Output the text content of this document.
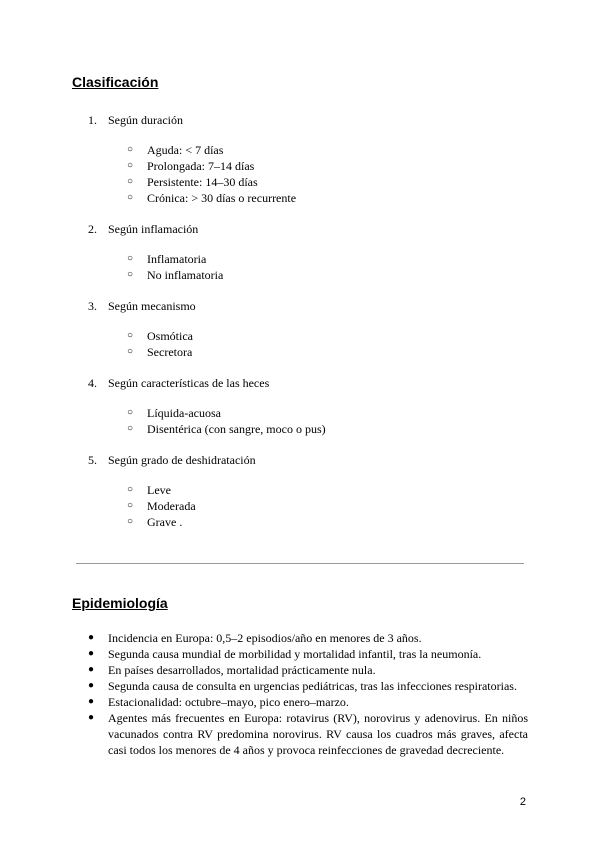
Clasificación
1. Según duración
○	Aguda: < 7 días
○	Prolongada: 7–14 días
○	Persistente: 14–30 días
○	Crónica: > 30 días o recurrente
2. Según inflamación
○	Inflamatoria
○	No inflamatoria
3. Según mecanismo
○	Osmótica
○	Secretora
4. Según características de las heces
○	Líquida-acuosa
○	Disentérica (con sangre, moco o pus)
5. Según grado de deshidratación
○	Leve
○	Moderada
○	Grave .
Epidemiología
●	Incidencia en Europa: 0,5–2 episodios/año en menores de 3 años.
●	Segunda causa mundial de morbilidad y mortalidad infantil, tras la neumonía.
●	En países desarrollados, mortalidad prácticamente nula.
●	Segunda causa de consulta en urgencias pediátricas, tras las infecciones respiratorias.
●	Estacionalidad: octubre–mayo, pico enero–marzo.
●	Agentes más frecuentes en Europa: rotavirus (RV), norovirus y adenovirus. En niños vacunados contra RV predomina norovirus. RV causa los cuadros más graves, afecta casi todos los menores de 4 años y provoca reinfecciones de gravedad decreciente.
2
